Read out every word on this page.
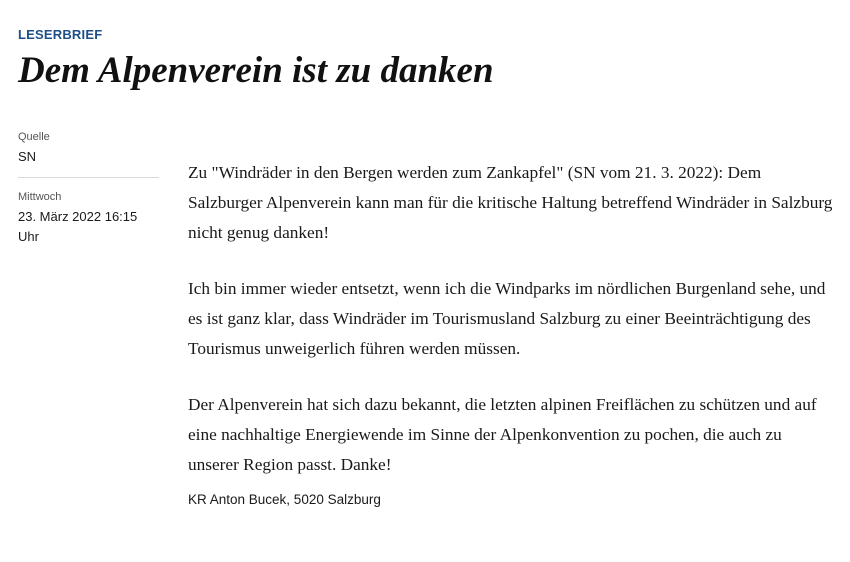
LESERBRIEF
Dem Alpenverein ist zu danken
Quelle
SN
Mittwoch
23. März 2022 16:15 Uhr

Zu "Windräder in den Bergen werden zum Zankapfel" (SN vom 21. 3. 2022): Dem Salzburger Alpenverein kann man für die kritische Haltung betreffend Windräder in Salzburg nicht genug danken!

Ich bin immer wieder entsetzt, wenn ich die Windparks im nördlichen Burgenland sehe, und es ist ganz klar, dass Windräder im Tourismusland Salzburg zu einer Beeinträchtigung des Tourismus unweigerlich führen werden müssen.

Der Alpenverein hat sich dazu bekannt, die letzten alpinen Freiflächen zu schützen und auf eine nachhaltige Energiewende im Sinne der Alpenkonvention zu pochen, die auch zu unserer Region passt. Danke!

KR Anton Bucek, 5020 Salzburg
